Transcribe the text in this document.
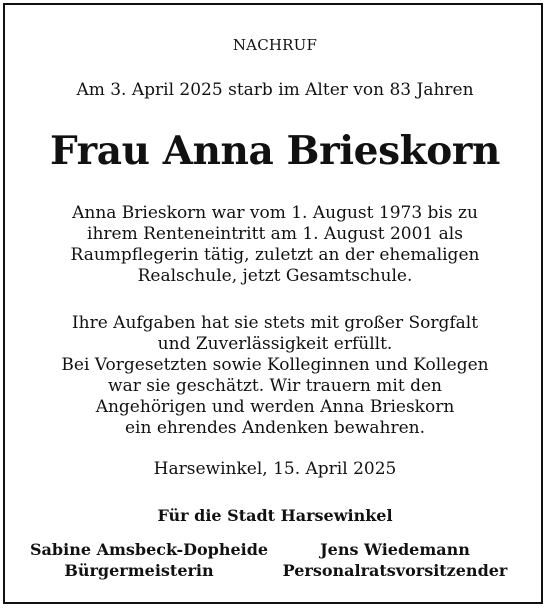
NACHRUF
Am 3. April 2025 starb im Alter von 83 Jahren
Frau Anna Brieskorn
Anna Brieskorn war vom 1. August 1973 bis zu
ihrem Renteneintritt am 1. August 2001 als
Raumpflegerin tätig, zuletzt an der ehemaligen
Realschule, jetzt Gesamtschule.
Ihre Aufgaben hat sie stets mit großer Sorgfalt
und Zuverlässigkeit erfüllt.
Bei Vorgesetzten sowie Kolleginnen und Kollegen
war sie geschätzt. Wir trauern mit den
Angehörigen und werden Anna Brieskorn
ein ehrendes Andenken bewahren.
Harsewinkel, 15. April 2025
Für die Stadt Harsewinkel
Sabine Amsbeck-Dopheide
Bürgermeisterin
Jens Wiedemann
Personalratsvorsitzender
